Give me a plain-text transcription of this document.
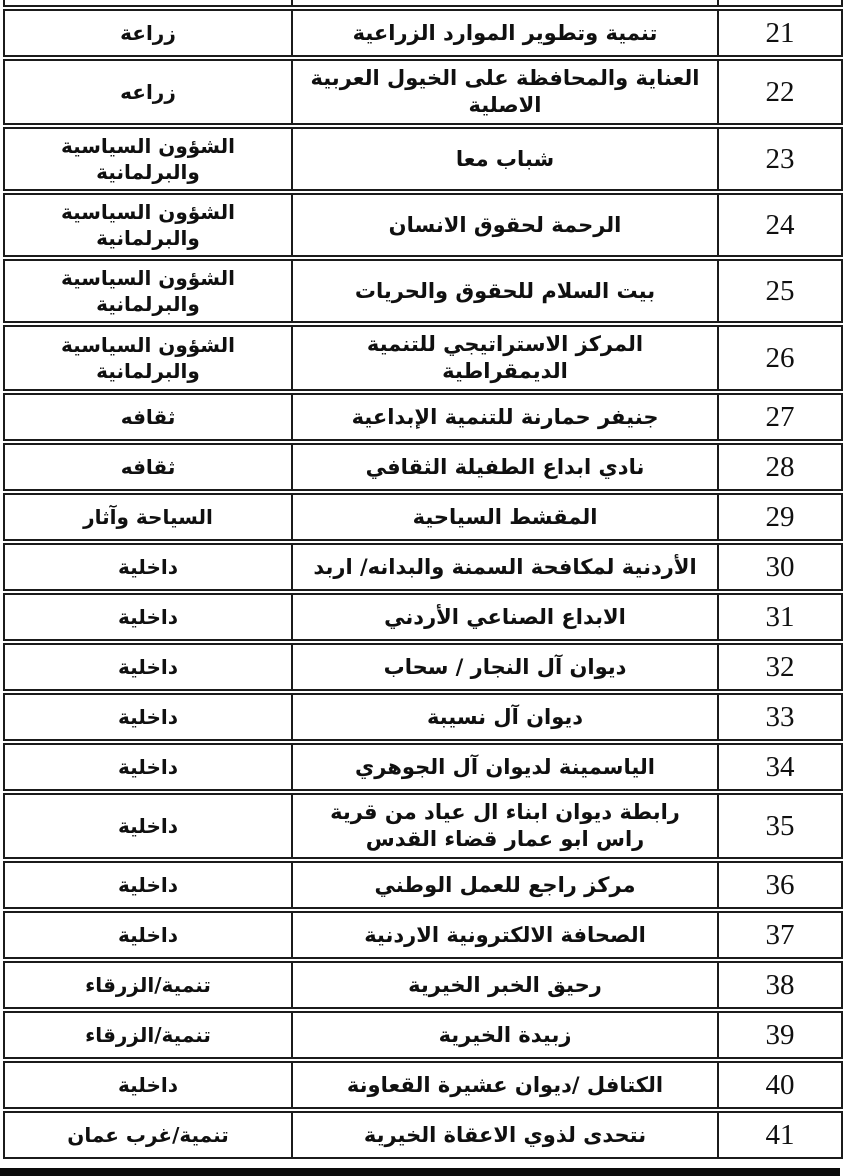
21
تنمية وتطوير الموارد الزراعية
زراعة
22
العناية والمحافظة على الخيول العربية الاصلية
زراعه
23
شباب معا
الشؤون السياسية والبرلمانية
24
الرحمة لحقوق الانسان
الشؤون السياسية والبرلمانية
25
بيت السلام للحقوق والحريات
الشؤون السياسية والبرلمانية
26
المركز الاستراتيجي للتنمية الديمقراطية
الشؤون السياسية والبرلمانية
27
جنيفر حمارنة للتنمية الإبداعية
ثقافه
28
نادي ابداع الطفيلة الثقافي
ثقافه
29
المقشط السياحية
السياحة وآثار
30
الأردنية لمكافحة السمنة والبدانه/ اربد
داخلية
31
الابداع الصناعي الأردني
داخلية
32
ديوان آل النجار / سحاب
داخلية
33
ديوان آل نسيبة
داخلية
34
الياسمينة لديوان آل الجوهري
داخلية
35
رابطة ديوان ابناء ال عياد من قرية راس ابو عمار قضاء القدس
داخلية
36
مركز راجع للعمل الوطني
داخلية
37
الصحافة الالكترونية الاردنية
داخلية
38
رحيق الخبر الخيرية
تنمية/الزرقاء
39
زبيدة الخيرية
تنمية/الزرقاء
40
الكتافل /ديوان عشيرة القعاونة
داخلية
41
نتحدى لذوي الاعقاة الخيرية
تنمية/غرب عمان
